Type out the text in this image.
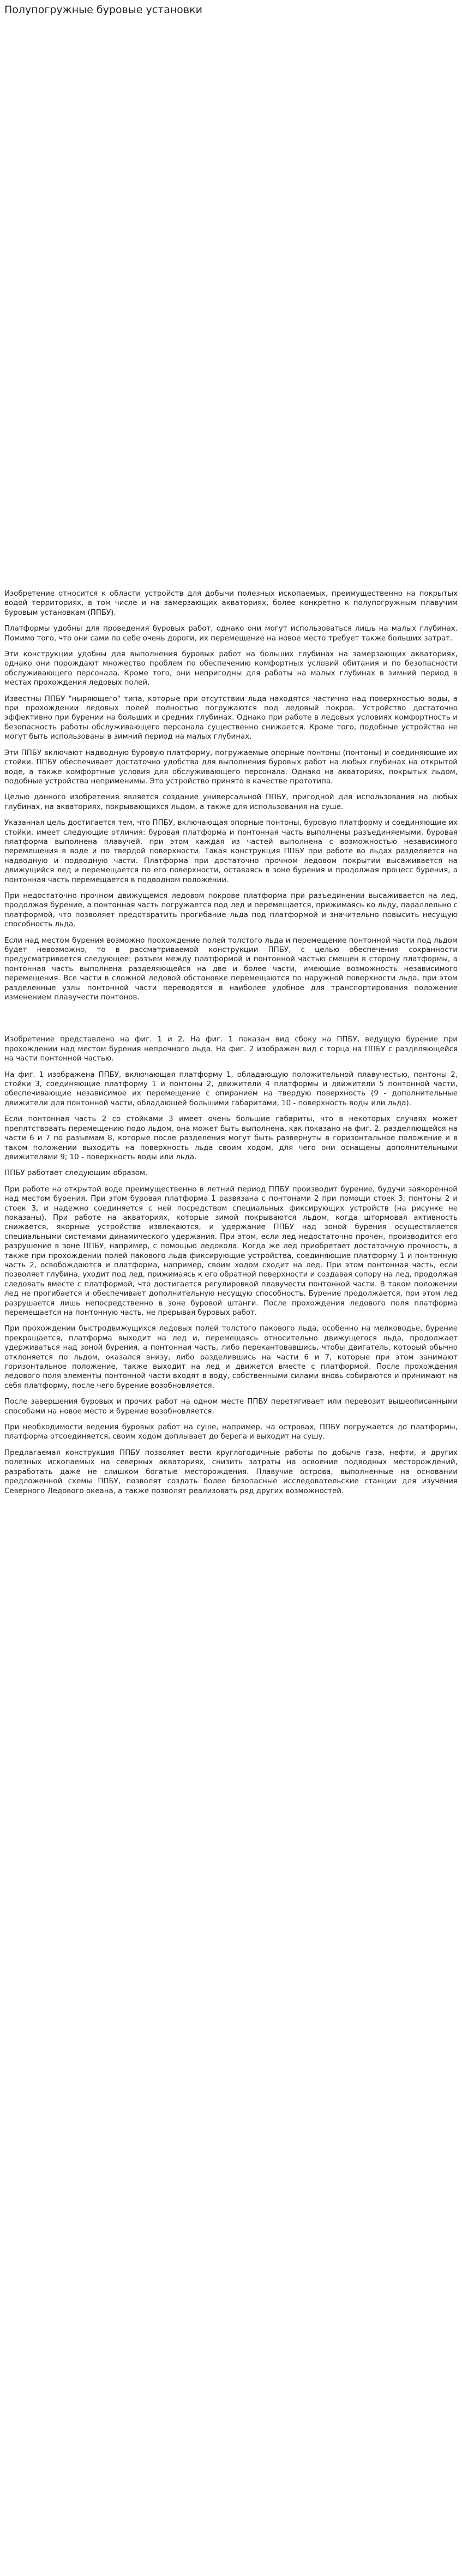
Полупогружные буровые установки

Изобретение относится к области устройств для добычи полезных ископаемых, преимущественно на покрытых водой территориях, в том числе и на замерзающих акваториях, более конкретно к полупогружным плавучим буровым установкам (ППБУ).

Платформы удобны для проведения буровых работ, однако они могут использоваться лишь на малых глубинах. Помимо того, что они сами по себе очень дороги, их перемещение на новое место требует также больших затрат.

Эти конструкции удобны для выполнения буровых работ на больших глубинах на замерзающих акваториях, однако они порождают множество проблем по обеспечению комфортных условий обитания и по безопасности обслуживающего персонала. Кроме того, они непригодны для работы на малых глубинах в зимний период в местах прохождения ледовых полей.

Известны ППБУ "ныряющего" типа, которые при отсутствии льда находятся частично над поверхностью воды, а при прохождении ледовых полей полностью погружаются под ледовый покров. Устройство достаточно эффективно при бурении на больших и средних глубинах. Однако при работе в ледовых условиях комфортность и безопасность работы обслуживающего персонала существенно снижается. Кроме того, подобные устройства не могут быть использованы в зимний период на малых глубинах.

Эти ППБУ включают надводную буровую платформу, погружаемые опорные понтоны (понтоны) и соединяющие их стойки. ППБУ обеспечивает достаточно удобства для выполнения буровых работ на любых глубинах на открытой воде, а также комфортные условия для обслуживающего персонала. Однако на акваториях, покрытых льдом, подобные устройства неприменимы. Это устройство принято в качестве прототипа.

Целью данного изобретения является создание универсальной ППБУ, пригодной для использования на любых глубинах, на акваториях, покрывающихся льдом, а также для использования на суше.

Указанная цель достигается тем, что ППБУ, включающая опорные понтоны, буровую платформу и соединяющие их стойки, имеет следующие отличия: буровая платформа и понтонная часть выполнены разъединяемыми, буровая платформа выполнена плавучей, при этом каждая из частей выполнена с возможностью независимого перемещения в воде и по твердой поверхности. Такая конструкция ППБУ при работе во льдах разделяется на надводную и подводную части. Платформа при достаточно прочном ледовом покрытии высаживается на движущийся лед и перемещается по его поверхности, оставаясь в зоне бурения и продолжая процесс бурения, а понтонная часть перемещается в подводном положении.

При недостаточно прочном движущемся ледовом покрове платформа при разъединении высаживается на лед, продолжая бурение, а понтонная часть погружается под лед и перемещается, прижимаясь ко льду, параллельно с платформой, что позволяет предотвратить прогибание льда под платформой и значительно повысить несущую способность льда.

Если над местом бурения возможно прохождение полей толстого льда и перемещение понтонной части под льдом будет невозможно, то в рассматриваемой конструкции ППБУ, с целью обеспечения сохранности предусматривается следующее: разъем между платформой и понтонной частью смещен в сторону платформы, а понтонная часть выполнена разделяющейся на две и более части, имеющие возможность независимого перемещения. Все части в сложной ледовой обстановке перемещаются по наружной поверхности льда, при этом разделенные узлы понтонной части переводятся в наиболее удобное для транспортирования положение изменением плавучести понтонов.

Изобретение представлено на фиг. 1 и 2. На фиг. 1 показан вид сбоку на ППБУ, ведущую бурение при прохождении над местом бурения непрочного льда. На фиг. 2 изображен вид с торца на ППБУ с разделяющейся на части понтонной частью.

На фиг. 1 изображена ППБУ, включающая платформу 1, обладающую положительной плавучестью, понтоны 2, стойки 3, соединяющие платформу 1 и понтоны 2, движители 4 платформы и движители 5 понтонной части, обеспечивающие независимое их перемещение с опиранием на твердую поверхность (9 - дополнительные движители для понтонной части, обладающей большими габаритами, 10 - поверхность воды или льда).

Если понтонная часть 2 со стойками 3 имеет очень большие габариты, что в некоторых случаях может препятствовать перемещению подо льдом, она может быть выполнена, как показано на фиг. 2, разделяющейся на части 6 и 7 по разъемам 8, которые после разделения могут быть развернуты в горизонтальное положение и в таком положении выходить на поверхность льда своим ходом, для чего они оснащены дополнительными движителями 9; 10 - поверхность воды или льда.

ППБУ работает следующим образом.

При работе на открытой воде преимущественно в летний период ППБУ производит бурение, будучи заякоренной над местом бурения. При этом буровая платформа 1 развязана с понтонами 2 при помощи стоек 3; понтоны 2 и стоек 3, и надежно соединяется с ней посредством специальных фиксирующих устройств (на рисунке не показаны). При работе на акваториях, которые зимой покрываются льдом, когда штормовая активность снижается, якорные устройства извлекаются, и удержание ППБУ над зоной бурения осуществляется специальными системами динамического удержания. При этом, если лед недостаточно прочен, производится его разрушение в зоне ППБУ, например, с помощью ледокола. Когда же лед приобретает достаточную прочность, а также при прохождении полей пакового льда фиксирующие устройства, соединяющие платформу 1 и понтонную часть 2, освобождаются и платформа, например, своим ходом сходит на лед. При этом понтонная часть, если позволяет глубина, уходит под лед, прижимаясь к его обратной поверхности и создавая сопору на лед, продолжая следовать вместе с платформой, что достигается регулировкой плавучести понтонной части. В таком положении лед не прогибается и обеспечивает дополнительную несущую способность. Бурение продолжается, при этом лед разрушается лишь непосредственно в зоне буровой штанги. После прохождения ледового поля платформа перемещается на понтонную часть, не прерывая буровых работ.

При прохождении быстродвижущихся ледовых полей толстого пакового льда, особенно на мелководье, бурение прекращается, платформа выходит на лед и, перемещаясь относительно движущегося льда, продолжает удерживаться над зоной бурения, а понтонная часть, либо перекантовавшись, чтобы двигатель, который обычно отклоняется по льдом, оказался внизу, либо разделившись на части 6 и 7, которые при этом занимают горизонтальное положение, также выходит на лед и движется вместе с платформой. После прохождения ледового поля элементы понтонной части входят в воду, собственными силами вновь собираются и принимают на себя платформу, после чего бурение возобновляется.

После завершения буровых и прочих работ на одном месте ППБУ перетягивает или перевозит вышеописанными способами на новое место и бурение возобновляется.

При необходимости ведения буровых работ на суше, например, на островах, ППБУ погружается до платформы, платформа отсоединяется, своим ходом доплывает до берега и выходит на сушу.

Предлагаемая конструкция ППБУ позволяет вести круглогодичные работы по добыче газа, нефти, и других полезных ископаемых на северных акваториях, снизить затраты на освоение подводных месторождений, разработать даже не слишком богатые месторождения. Плавучие острова, выполненные на основании предложенной схемы ППБУ, позволят создать более безопасные исследовательские станции для изучения Северного Ледового океана, а также позволят реализовать ряд других возможностей.
